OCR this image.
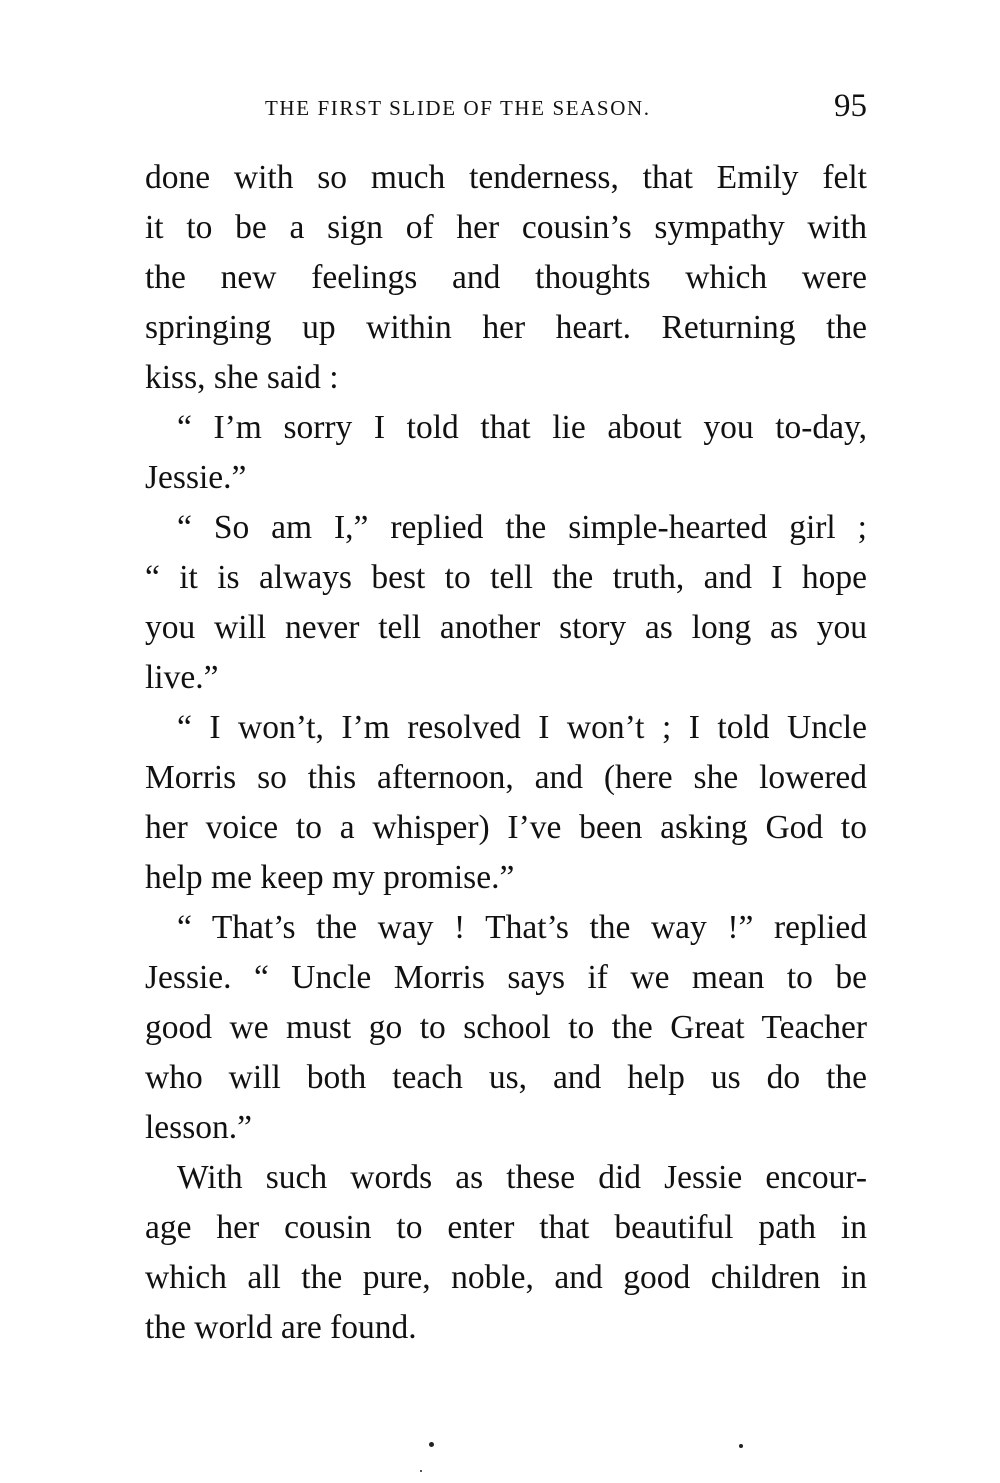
THE FIRST SLIDE OF THE SEASON.	95
done with so much tenderness, that Emily felt
it to be a sign of her cousin’s sympathy with
the new feelings and thoughts which were
springing up within her heart. Returning the
kiss, she said :
“ I’m sorry I told that lie about you to-day,
Jessie.”
“ So am I,” replied the simple-hearted girl ;
“ it is always best to tell the truth, and I hope
you will never tell another story as long as you
live.”
“ I won’t, I’m resolved I won’t ; I told Uncle
Morris so this afternoon, and (here she lowered
her voice to a whisper) I’ve been asking God to
help me keep my promise.”
“ That’s the way ! That’s the way !” replied
Jessie. “ Uncle Morris says if we mean to be
good we must go to school to the Great Teacher
who will both teach us, and help us do the
lesson.”
With such words as these did Jessie encour-
age her cousin to enter that beautiful path in
which all the pure, noble, and good children in
the world are found.
